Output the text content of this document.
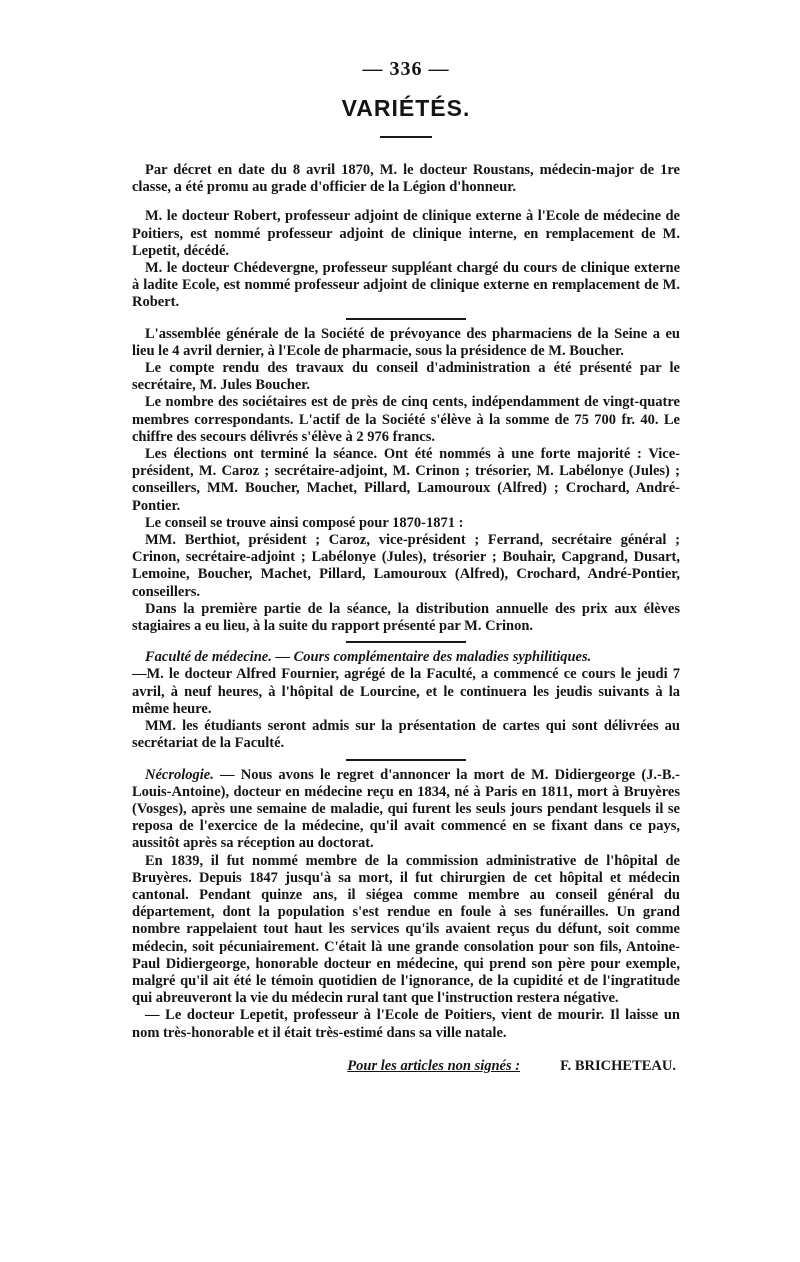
— 336 —
VARIÉTÉS.

Par décret en date du 8 avril 1870, M. le docteur Roustans, médecin-major de 1re classe, a été promu au grade d'officier de la Légion d'honneur.

M. le docteur Robert, professeur adjoint de clinique externe à l'Ecole de médecine de Poitiers, est nommé professeur adjoint de clinique interne, en remplacement de M. Lepetit, décédé.

M. le docteur Chédevergne, professeur suppléant chargé du cours de clinique externe à ladite Ecole, est nommé professeur adjoint de clinique externe en remplacement de M. Robert.

L'assemblée générale de la Société de prévoyance des pharmaciens de la Seine a eu lieu le 4 avril dernier, à l'Ecole de pharmacie, sous la présidence de M. Boucher.

Le compte rendu des travaux du conseil d'administration a été présenté par le secrétaire, M. Jules Boucher.

Le nombre des sociétaires est de près de cinq cents, indépendamment de vingt-quatre membres correspondants. L'actif de la Société s'élève à la somme de 75 700 fr. 40. Le chiffre des secours délivrés s'élève à 2 976 francs.

Les élections ont terminé la séance. Ont été nommés à une forte majorité : Vice-président, M. Caroz ; secrétaire-adjoint, M. Crinon ; trésorier, M. Labélonye (Jules) ; conseillers, MM. Boucher, Machet, Pillard, Lamouroux (Alfred) ; Crochard, André-Pontier.

Le conseil se trouve ainsi composé pour 1870-1871 :

MM. Berthiot, président ; Caroz, vice-président ; Ferrand, secrétaire général ; Crinon, secrétaire-adjoint ; Labélonye (Jules), trésorier ; Bouhair, Capgrand, Dusart, Lemoine, Boucher, Machet, Pillard, Lamouroux (Alfred), Crochard, André-Pontier, conseillers.

Dans la première partie de la séance, la distribution annuelle des prix aux élèves stagiaires a eu lieu, à la suite du rapport présenté par M. Crinon.

Faculté de médecine. — Cours complémentaire des maladies syphilitiques.

—M. le docteur Alfred Fournier, agrégé de la Faculté, a commencé ce cours le jeudi 7 avril, à neuf heures, à l'hôpital de Lourcine, et le continuera les jeudis suivants à la même heure.

MM. les étudiants seront admis sur la présentation de cartes qui sont délivrées au secrétariat de la Faculté.

Nécrologie. — Nous avons le regret d'annoncer la mort de M. Didiergeorge (J.-B.-Louis-Antoine), docteur en médecine reçu en 1834, né à Paris en 1811, mort à Bruyères (Vosges), après une semaine de maladie, qui furent les seuls jours pendant lesquels il se reposa de l'exercice de la médecine, qu'il avait commencé en se fixant dans ce pays, aussitôt après sa réception au doctorat.

En 1839, il fut nommé membre de la commission administrative de l'hôpital de Bruyères. Depuis 1847 jusqu'à sa mort, il fut chirurgien de cet hôpital et médecin cantonal. Pendant quinze ans, il siégea comme membre au conseil général du département, dont la population s'est rendue en foule à ses funérailles. Un grand nombre rappelaient tout haut les services qu'ils avaient reçus du défunt, soit comme médecin, soit pécuniairement. C'était là une grande consolation pour son fils, Antoine-Paul Didiergeorge, honorable docteur en médecine, qui prend son père pour exemple, malgré qu'il ait été le témoin quotidien de l'ignorance, de la cupidité et de l'ingratitude qui abreuveront la vie du médecin rural tant que l'instruction restera négative.

— Le docteur Lepetit, professeur à l'Ecole de Poitiers, vient de mourir. Il laisse un nom très-honorable et il était très-estimé dans sa ville natale.

Pour les articles non signés :	F. BRICHETEAU.
